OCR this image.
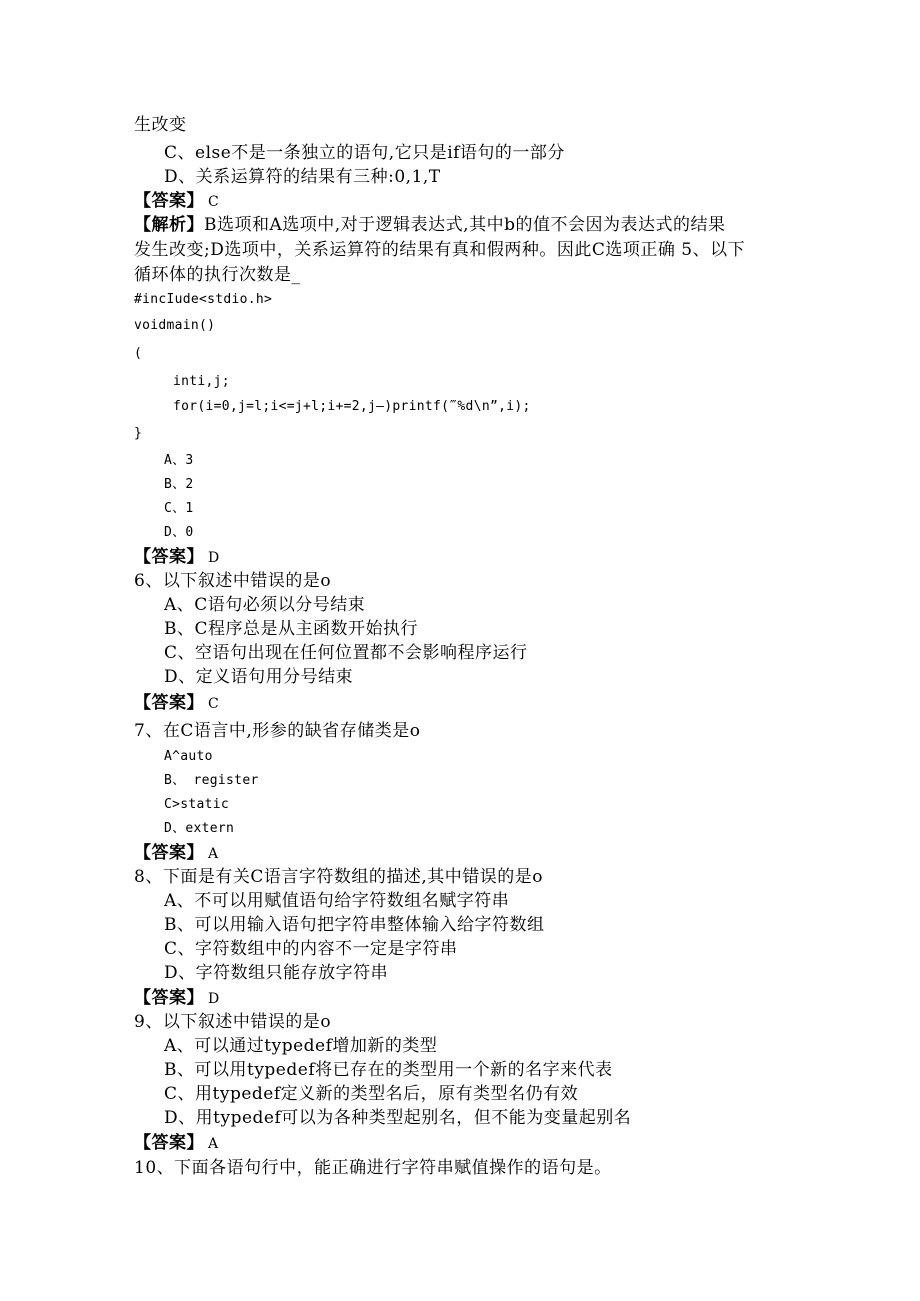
生改变
C、else不是一条独立的语句,它只是if语句的一部分
D、关系运算符的结果有三种:0,1,T
【答案】 C
【解析】B选项和A选项中,对于逻辑表达式,其中b的值不会因为表达式的结果
发生改变;D选项中，关系运算符的结果有真和假两种。因此C选项正确 5、以下
循环体的执行次数是_
#incIude<stdio.h>
voidmain()
(
inti,j;
for(i=0,j=l;i<=j+l;i+=2,j—)printf(‴%d\n”,i);
}
A、3
B、2
C、1
D、0
【答案】 D
6、以下叙述中错误的是o
A、C语句必须以分号结束
B、C程序总是从主函数开始执行
C、空语句出现在任何位置都不会影响程序运行
D、定义语句用分号结束
【答案】 C
7、在C语言中,形参的缺省存储类是o
A^auto
B、 register
C>static
D、extern
【答案】 A
8、下面是有关C语言字符数组的描述,其中错误的是o
A、不可以用赋值语句给字符数组名赋字符串
B、可以用输入语句把字符串整体输入给字符数组
C、字符数组中的内容不一定是字符串
D、字符数组只能存放字符串
【答案】 D
9、以下叙述中错误的是o
A、可以通过typedef增加新的类型
B、可以用typedef将已存在的类型用一个新的名字来代表
C、用typedef定义新的类型名后，原有类型名仍有效
D、用typedef可以为各种类型起别名，但不能为变量起别名
【答案】 A
10、下面各语句行中，能正确进行字符串赋值操作的语句是。
